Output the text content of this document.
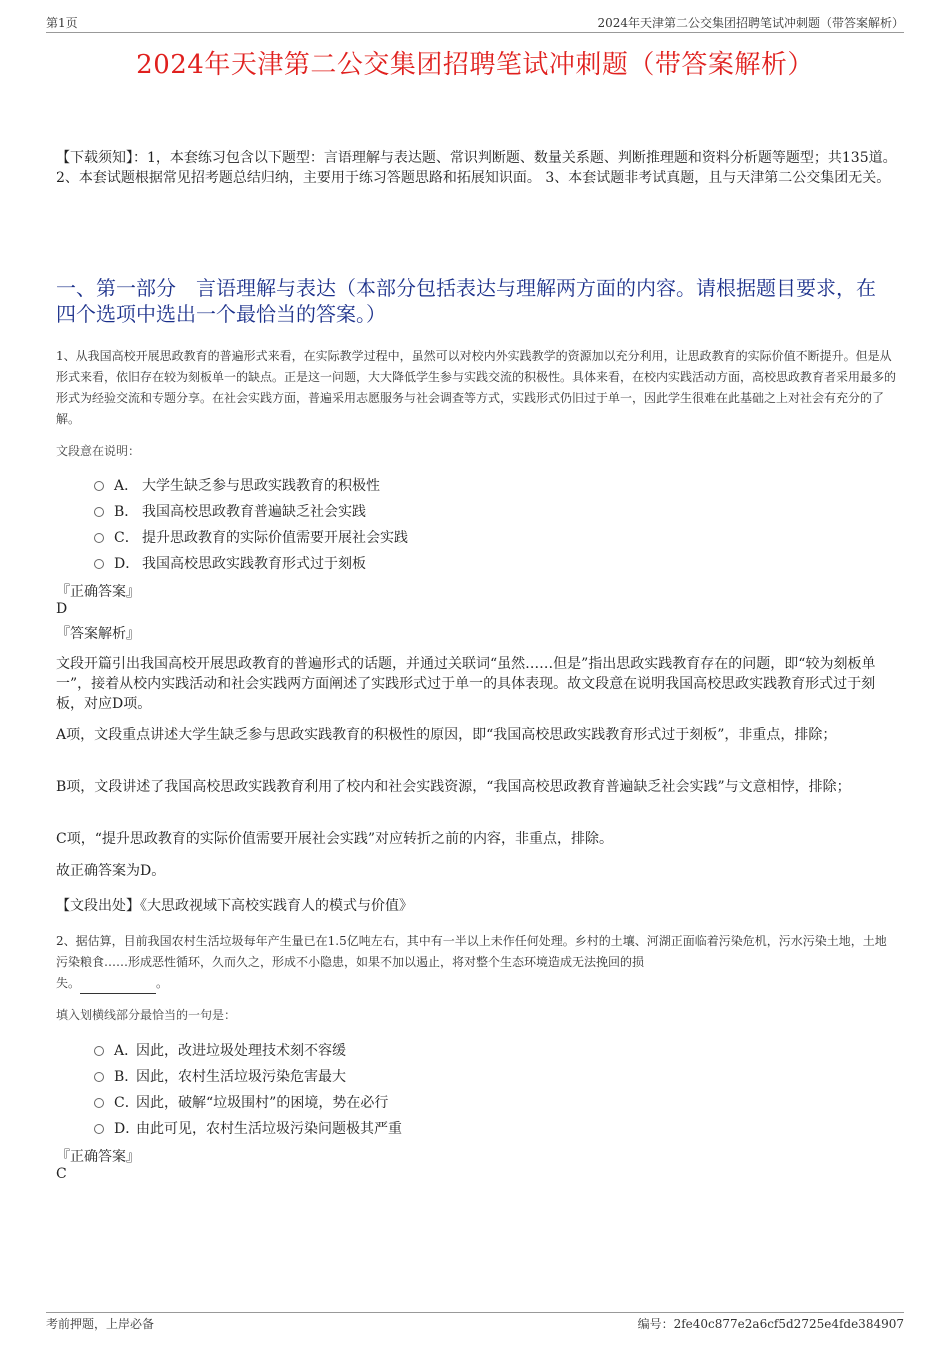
第1页	2024年天津第二公交集团招聘笔试冲刺题（带答案解析）
2024年天津第二公交集团招聘笔试冲刺题（带答案解析）
【下载须知】：1，本套练习包含以下题型：言语理解与表达题、常识判断题、数量关系题、判断推理题和资料分析题等题型；共135道。 2、本套试题根据常见招考题总结归纳，主要用于练习答题思路和拓展知识面。 3、本套试题非考试真题，且与天津第二公交集团无关。
一、第一部分　言语理解与表达（本部分包括表达与理解两方面的内容。请根据题目要求，在四个选项中选出一个最恰当的答案。）
1、从我国高校开展思政教育的普遍形式来看，在实际教学过程中，虽然可以对校内外实践教学的资源加以充分利用，让思政教育的实际价值不断提升。但是从形式来看，依旧存在较为刻板单一的缺点。正是这一问题，大大降低学生参与实践交流的积极性。具体来看，在校内实践活动方面，高校思政教育者采用最多的形式为经验交流和专题分享。在社会实践方面，普遍采用志愿服务与社会调查等方式，实践形式仍旧过于单一，因此学生很难在此基础之上对社会有充分的了解。
文段意在说明：
A． 大学生缺乏参与思政实践教育的积极性
B． 我国高校思政教育普遍缺乏社会实践
C． 提升思政教育的实际价值需要开展社会实践
D． 我国高校思政实践教育形式过于刻板
『正确答案』
D
『答案解析』
文段开篇引出我国高校开展思政教育的普遍形式的话题，并通过关联词“虽然……但是”指出思政实践教育存在的问题，即“较为刻板单一”，接着从校内实践活动和社会实践两方面阐述了实践形式过于单一的具体表现。故文段意在说明我国高校思政实践教育形式过于刻板，对应D项。
A项，文段重点讲述大学生缺乏参与思政实践教育的积极性的原因，即“我国高校思政实践教育形式过于刻板”，非重点，排除；
B项，文段讲述了我国高校思政实践教育利用了校内和社会实践资源，“我国高校思政教育普遍缺乏社会实践”与文意相悖，排除；
C项，“提升思政教育的实际价值需要开展社会实践”对应转折之前的内容，非重点，排除。
故正确答案为D。
【文段出处】《大思政视域下高校实践育人的模式与价值》
2、据估算，目前我国农村生活垃圾每年产生量已在1.5亿吨左右，其中有一半以上未作任何处理。乡村的土壤、河湖正面临着污染危机，污水污染土地，土地污染粮食……形成恶性循环，久而久之，形成不小隐患，如果不加以遏止，将对整个生态环境造成无法挽回的损
失。	。
填入划横线部分最恰当的一句是：
A．因此，改进垃圾处理技术刻不容缓
B．因此，农村生活垃圾污染危害最大
C．因此，破解“垃圾围村”的困境，势在必行
D．由此可见，农村生活垃圾污染问题极其严重
『正确答案』
C
考前押题，上岸必备	编号：2fe40c877e2a6cf5d2725e4fde384907
